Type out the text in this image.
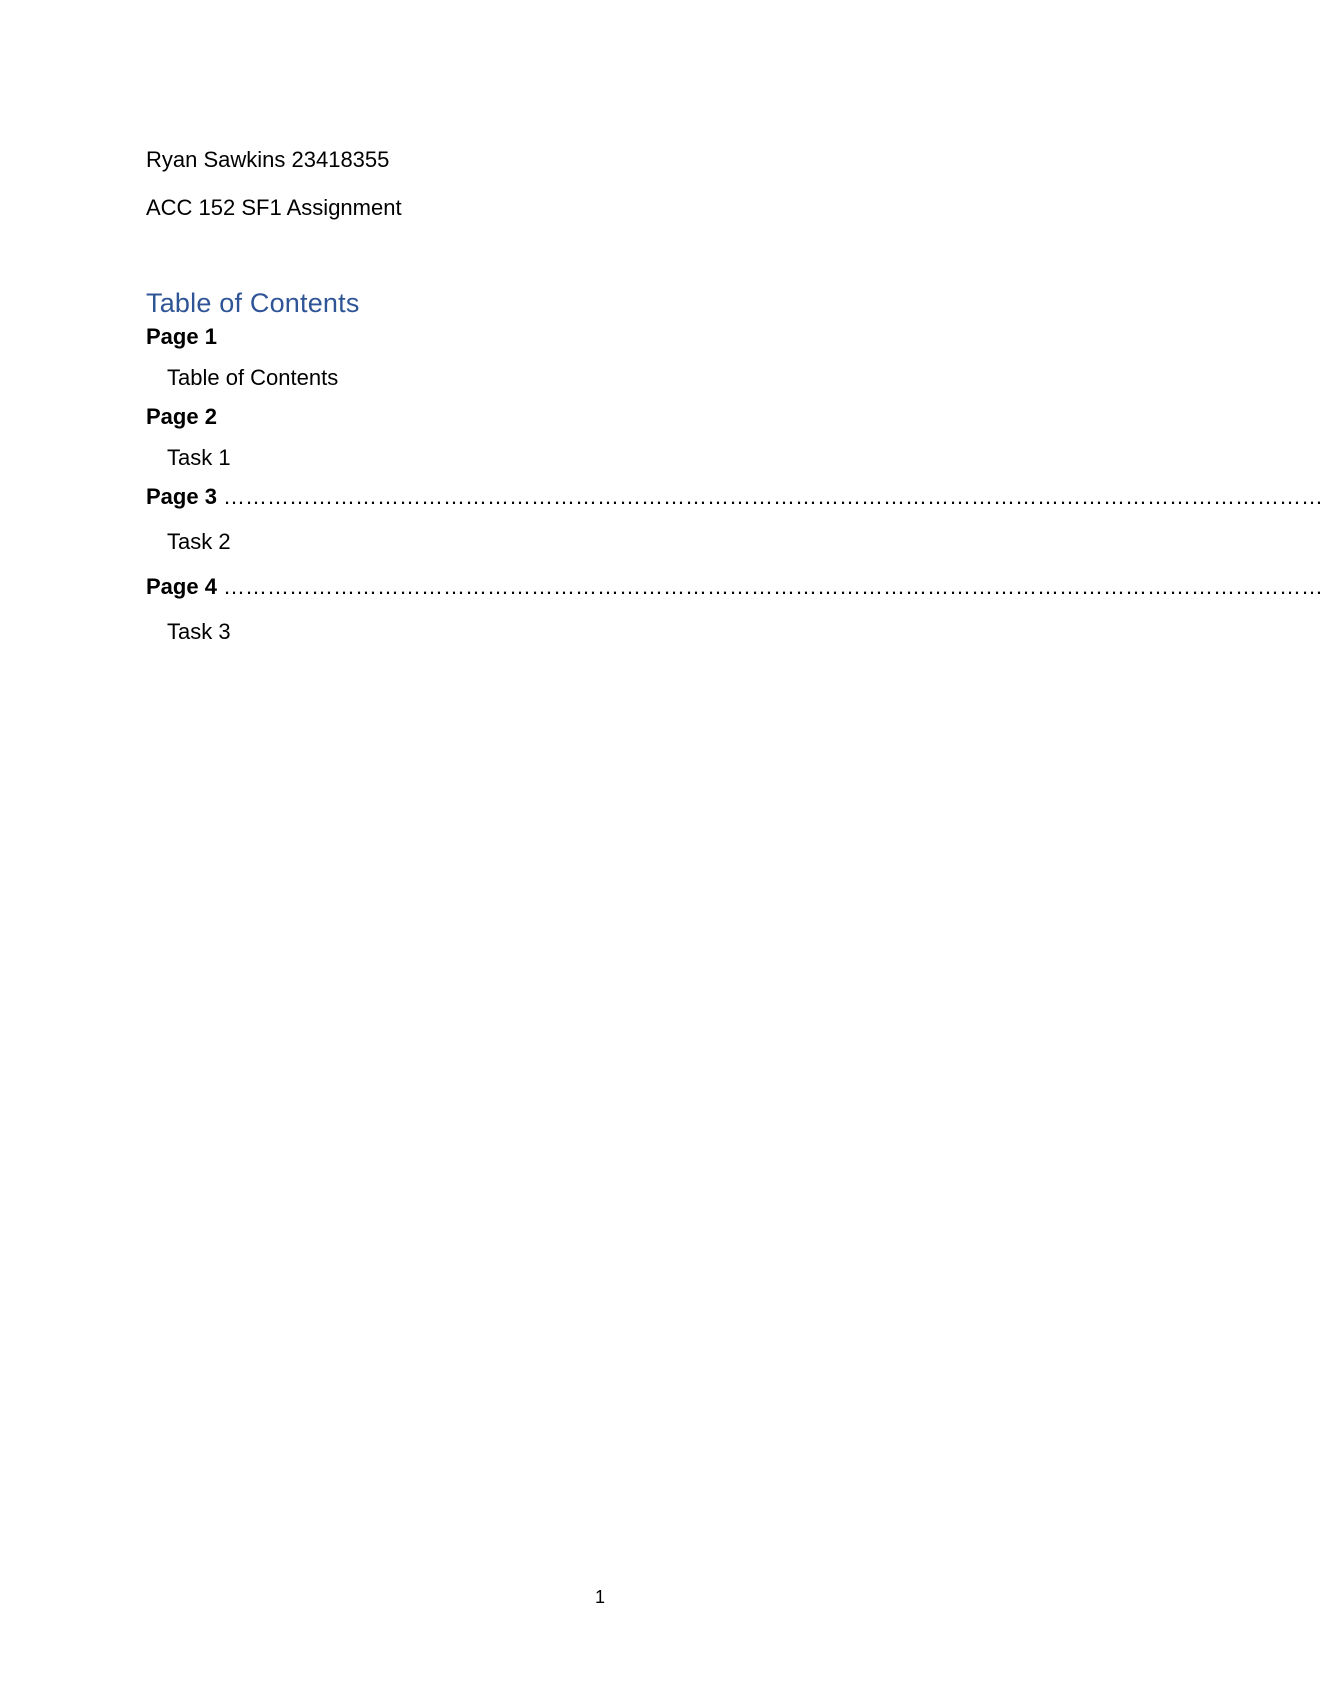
Ryan Sawkins 23418355

ACC 152 SF1 Assignment

Table of Contents
Page 1
Table of Contents
Page 2
Task 1
Page 3 ……………………………………………………………………………………………………………………………………
Task 2
Page 4 ……………………………………………………………………………………………………………………………………
Task 3
1
